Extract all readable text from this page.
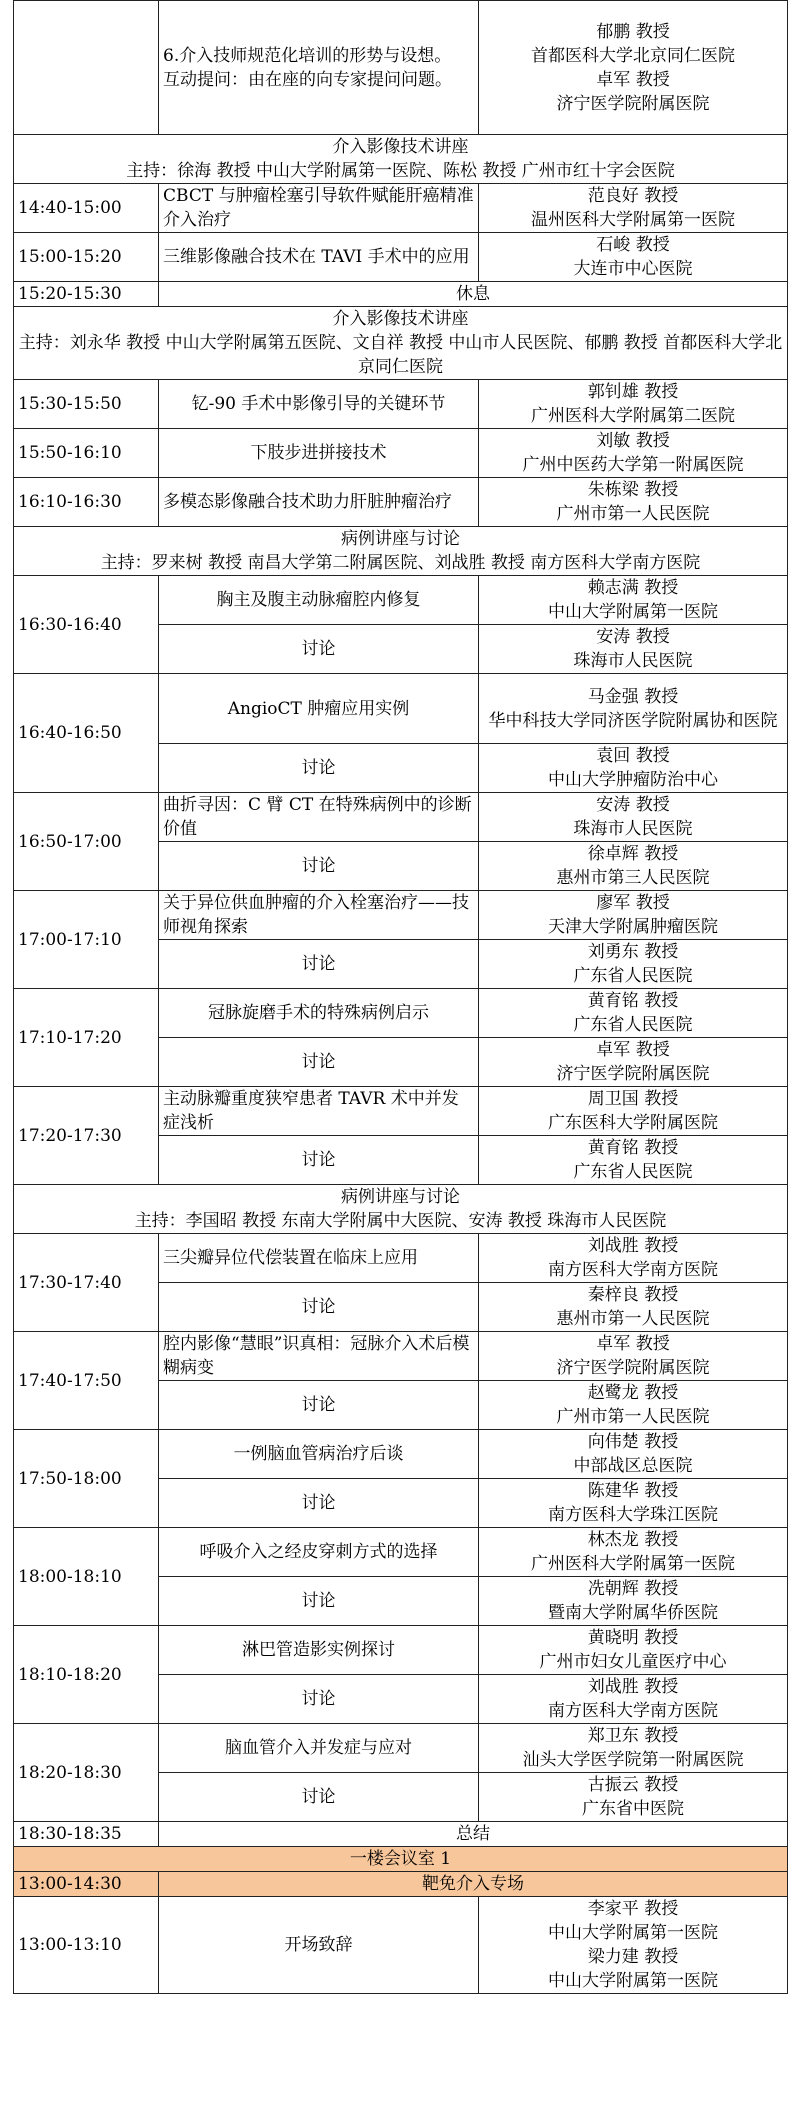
	6.介入技师规范化培训的形势与设想。
互动提问：由在座的向专家提问问题。	郁鹏 教授
首都医科大学北京同仁医院
卓军 教授
济宁医学院附属医院

介入影像技术讲座
主持：徐海 教授 中山大学附属第一医院、陈松 教授 广州市红十字会医院		

14:40-15:00	CBCT 与肿瘤栓塞引导软件赋能肝癌精准介入治疗	范良好 教授
温州医科大学附属第一医院

15:00-15:20	三维影像融合技术在 TAVI 手术中的应用	石峻 教授
大连市中心医院

15:20-15:30	休息	

介入影像技术讲座
主持：刘永华 教授 中山大学附属第五医院、文自祥 教授 中山市人民医院、郁鹏 教授 首都医科大学北京同仁医院		

15:30-15:50	钇-90 手术中影像引导的关键环节	郭钊雄 教授
广州医科大学附属第二医院

15:50-16:10	下肢步进拼接技术	刘敏 教授
广州中医药大学第一附属医院

16:10-16:30	多模态影像融合技术助力肝脏肿瘤治疗	朱栋梁 教授
广州市第一人民医院

病例讲座与讨论
主持：罗来树 教授 南昌大学第二附属医院、刘战胜 教授 南方医科大学南方医院		

16:30-16:40	胸主及腹主动脉瘤腔内修复	赖志满 教授
中山大学附属第一医院

	讨论	安涛 教授
珠海市人民医院

16:40-16:50	AngioCT 肿瘤应用实例	马金强 教授
华中科技大学同济医学院附属协和医院

	讨论	袁回 教授
中山大学肿瘤防治中心

16:50-17:00	曲折寻因：C 臂 CT 在特殊病例中的诊断价值	安涛 教授
珠海市人民医院

	讨论	徐卓辉 教授
惠州市第三人民医院

17:00-17:10	关于异位供血肿瘤的介入栓塞治疗——技师视角探索	廖军 教授
天津大学附属肿瘤医院

	讨论	刘勇东 教授
广东省人民医院

17:10-17:20	冠脉旋磨手术的特殊病例启示	黄育铭 教授
广东省人民医院

	讨论	卓军 教授
济宁医学院附属医院

17:20-17:30	主动脉瓣重度狭窄患者 TAVR 术中并发症浅析	周卫国 教授
广东医科大学附属医院

	讨论	黄育铭 教授
广东省人民医院

病例讲座与讨论
主持：李国昭 教授 东南大学附属中大医院、安涛 教授 珠海市人民医院		

17:30-17:40	三尖瓣异位代偿装置在临床上应用	刘战胜 教授
南方医科大学南方医院

	讨论	秦梓良 教授
惠州市第一人民医院

17:40-17:50	腔内影像“慧眼”识真相：冠脉介入术后模糊病变	卓军 教授
济宁医学院附属医院

	讨论	赵鹭龙 教授
广州市第一人民医院

17:50-18:00	一例脑血管病治疗后谈	向伟楚 教授
中部战区总医院

	讨论	陈建华 教授
南方医科大学珠江医院

18:00-18:10	呼吸介入之经皮穿刺方式的选择	林杰龙 教授
广州医科大学附属第一医院

	讨论	冼朝辉 教授
暨南大学附属华侨医院

18:10-18:20	淋巴管造影实例探讨	黄晓明 教授
广州市妇女儿童医疗中心

	讨论	刘战胜 教授
南方医科大学南方医院

18:20-18:30	脑血管介入并发症与应对	郑卫东 教授
汕头大学医学院第一附属医院

	讨论	古振云 教授
广东省中医院

18:30-18:35	总结	
一楼会议室 1		
13:00-14:30	靶免介入专场	
13:00-13:10	开场致辞	李家平 教授
中山大学附属第一医院
梁力建 教授
中山大学附属第一医院
